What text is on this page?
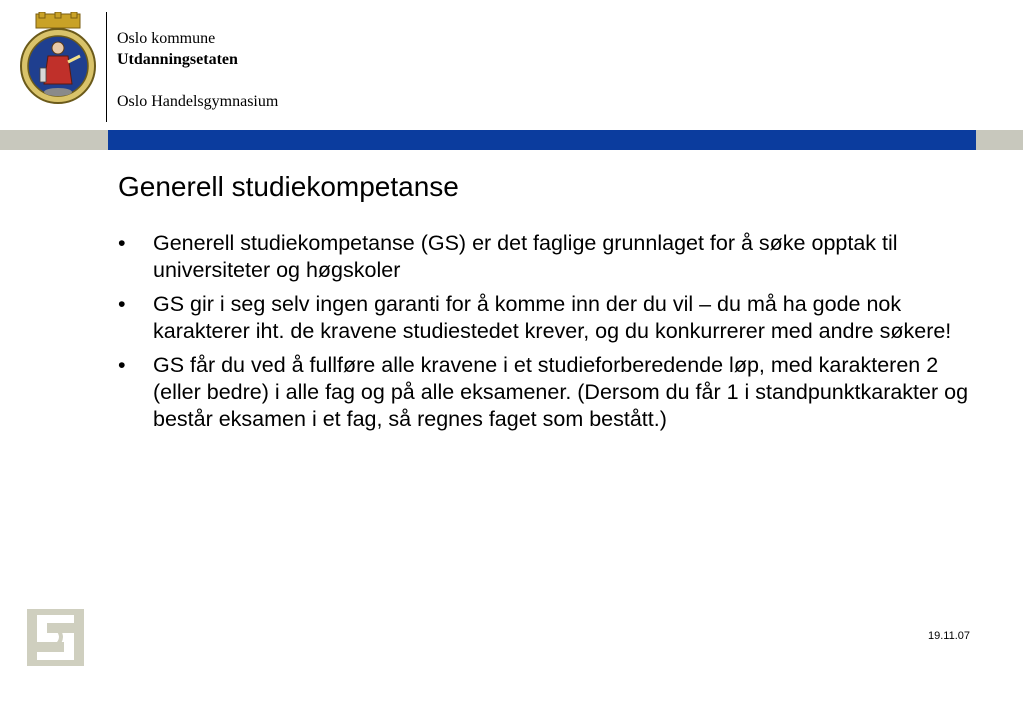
Oslo kommune
Utdanningsetaten
Oslo Handelsgymnasium
Generell studiekompetanse
• Generell studiekompetanse (GS) er det faglige grunnlaget for å søke opptak til universiteter og høgskoler
• GS gir i seg selv ingen garanti for å komme inn der du vil – du må ha gode nok karakterer iht. de kravene studiestedet krever, og du konkurrerer med andre søkere!
• GS får du ved å fullføre alle kravene i et studieforberedende løp, med karakteren 2 (eller bedre) i alle fag og på alle eksamener. (Dersom du får 1 i standpunktkarakter og består eksamen i et fag, så regnes faget som bestått.)
19.11.07
